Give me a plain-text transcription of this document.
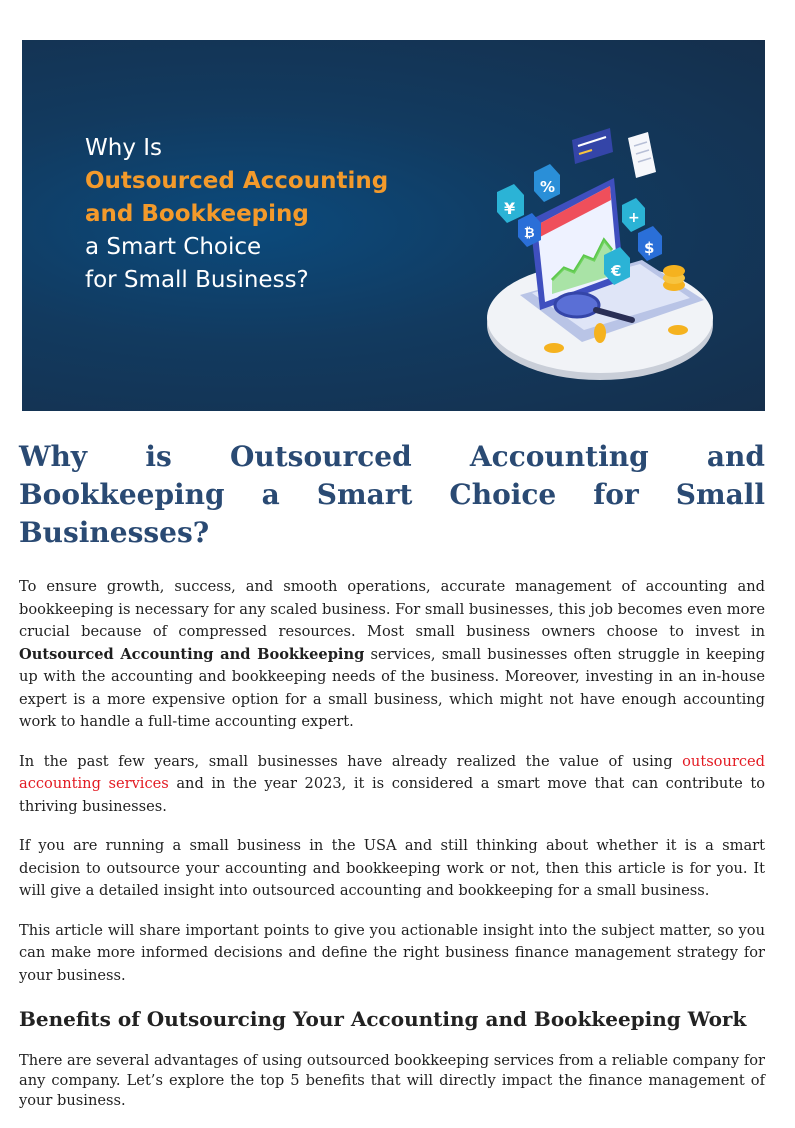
Why Is
Outsourced Accounting
and Bookkeeping
a Smart Choice
for Small Business?
¥
%
₿
+
€
$
Why is Outsourced Accounting and Bookkeeping a Smart Choice for Small Businesses?

To ensure growth, success, and smooth operations, accurate management of accounting and bookkeeping is necessary for any scaled business. For small businesses, this job becomes even more crucial because of compressed resources. Most small business owners choose to invest in Outsourced Accounting and Bookkeeping services, small businesses often struggle in keeping up with the accounting and bookkeeping needs of the business. Moreover, investing in an in-house expert is a more expensive option for a small business, which might not have enough accounting work to handle a full-time accounting expert.

In the past few years, small businesses have already realized the value of using outsourced accounting services and in the year 2023, it is considered a smart move that can contribute to thriving businesses.

If you are running a small business in the USA and still thinking about whether it is a smart decision to outsource your accounting and bookkeeping work or not, then this article is for you. It will give a detailed insight into outsourced accounting and bookkeeping for a small business.

This article will share important points to give you actionable insight into the subject matter, so you can make more informed decisions and define the right business finance management strategy for your business.

Benefits of Outsourcing Your Accounting and Bookkeeping Work

There are several advantages of using outsourced bookkeeping services from a reliable company for any company. Let’s explore the top 5 benefits that will directly impact the finance management of your business.
